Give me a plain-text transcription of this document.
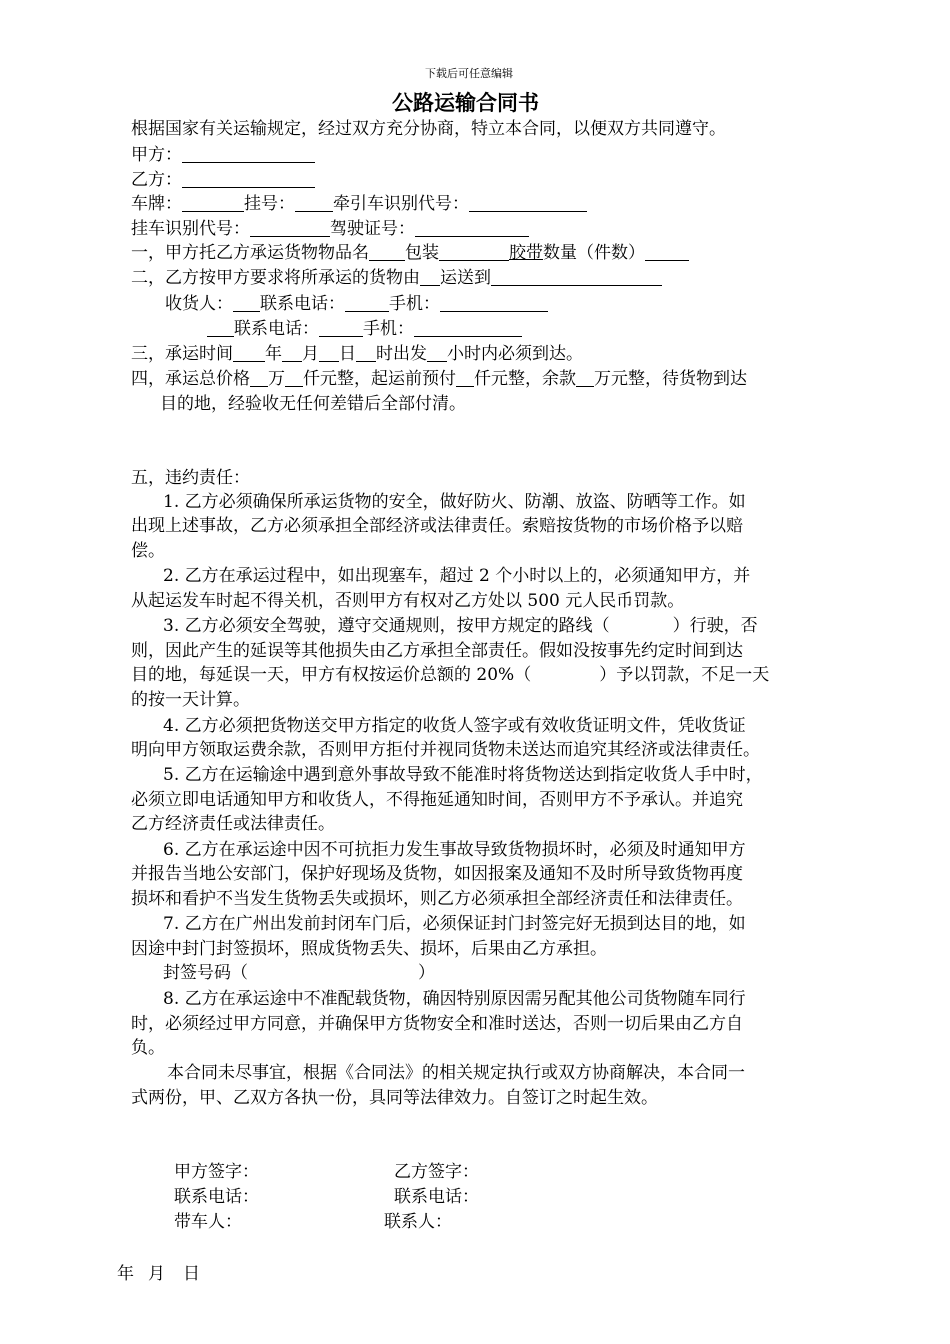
下载后可任意编辑
公路运输合同书
根据国家有关运输规定，经过双方充分协商，特立本合同，以便双方共同遵守。
甲方：
乙方：
车牌：	挂号： 牵引车识别代号：
挂车识别代号：	驾驶证号：
一，甲方托乙方承运货物物品名 包装	胶带数量（件数）
二，乙方按甲方要求将所承运的货物由 运送到
收货人： 联系电话：	手机：
联系电话：	手机：
三，承运时间 年 月 日 时出发 小时内必须到达。
四，承运总价格 万 仟元整，起运前预付 仟元整，余款 万元整，待货物到达
目的地，经验收无任何差错后全部付清。
五，违约责任：
1. 乙方必须确保所承运货物的安全，做好防火、防潮、放盗、防晒等工作。如
出现上述事故，乙方必须承担全部经济或法律责任。索赔按货物的市场价格予以赔
偿。
2. 乙方在承运过程中，如出现塞车，超过 2 个小时以上的，必须通知甲方，并
从起运发车时起不得关机，否则甲方有权对乙方处以 500 元人民币罚款。
3. 乙方必须安全驾驶，遵守交通规则，按甲方规定的路线（	）行驶，否
则，因此产生的延误等其他损失由乙方承担全部责任。假如没按事先约定时间到达
目的地，每延误一天，甲方有权按运价总额的 20%（	）予以罚款，不足一天
的按一天计算。
4. 乙方必须把货物送交甲方指定的收货人签字或有效收货证明文件，凭收货证
明向甲方领取运费余款，否则甲方拒付并视同货物未送达而追究其经济或法律责任。
5. 乙方在运输途中遇到意外事故导致不能准时将货物送达到指定收货人手中时，
必须立即电话通知甲方和收货人，不得拖延通知时间，否则甲方不予承认。并追究
乙方经济责任或法律责任。
6. 乙方在承运途中因不可抗拒力发生事故导致货物损坏时，必须及时通知甲方
并报告当地公安部门，保护好现场及货物，如因报案及通知不及时所导致货物再度
损坏和看护不当发生货物丢失或损坏，则乙方必须承担全部经济责任和法律责任。
7. 乙方在广州出发前封闭车门后，必须保证封门封签完好无损到达目的地，如
因途中封门封签损坏，照成货物丢失、损坏，后果由乙方承担。
封签号码（	）
8. 乙方在承运途中不准配载货物，确因特别原因需另配其他公司货物随车同行
时，必须经过甲方同意，并确保甲方货物安全和准时送达，否则一切后果由乙方自
负。
本合同未尽事宜，根据《合同法》的相关规定执行或双方协商解决，本合同一
式两份，甲、乙双方各执一份，具同等法律效力。自签订之时起生效。
甲方签字：	乙方签字：
联系电话：	联系电话：
带车人：	联系人：
年 月 日
